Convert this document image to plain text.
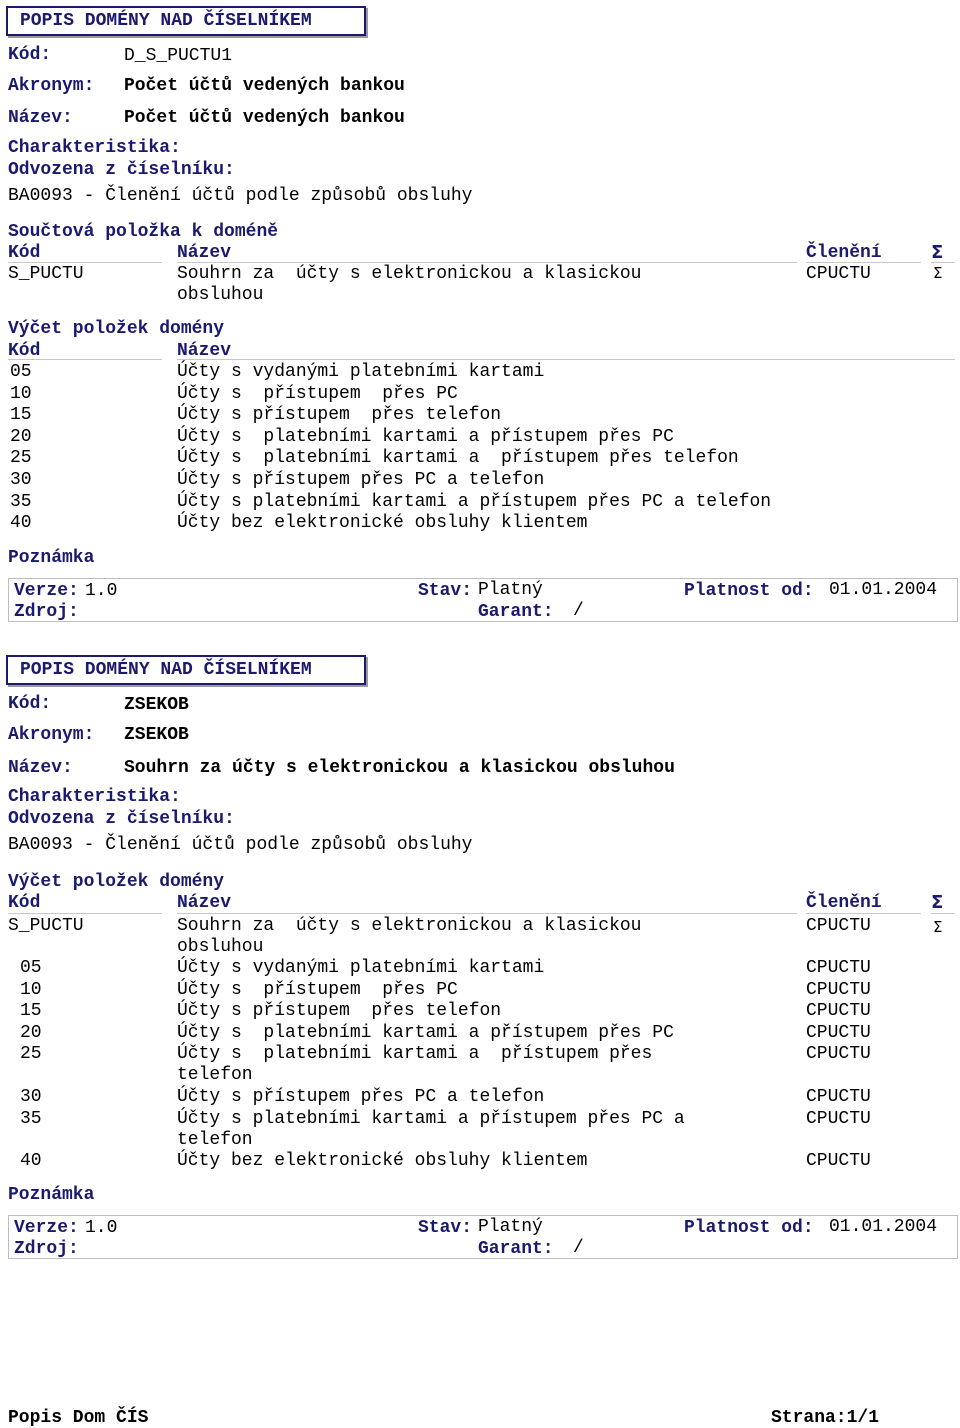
POPIS DOMÉNY NAD ČÍSELNÍKEM
Kód:	D_S_PUCTU1
Akronym: Počet účtů vedených bankou
Název:	Počet účtů vedených bankou
Charakteristika:
Odvozena z číselníku:
BA0093 - Členění účtů podle způsobů obsluhy
Součtová položka k doméně
Kód	Název	Členění	Σ
S_PUCTU	Souhrn za  účty s elektronickou a klasickou
obsluhou
CPUCTU	Σ
Výčet položek domény
Kód	Název
05	Účty s vydanými platebními kartami
10	Účty s  přístupem  přes PC
15	Účty s přístupem  přes telefon
20	Účty s  platebními kartami a přístupem přes PC
25	Účty s  platebními kartami a  přístupem přes telefon
30	Účty s přístupem přes PC a telefon
35	Účty s platebními kartami a přístupem přes PC a telefon
40	Účty bez elektronické obsluhy klientem
Poznámka
Verze: 1.0	Stav: Platný	Platnost od: 01.01.2004
Zdroj:	Garant: /
POPIS DOMÉNY NAD ČÍSELNÍKEM
Kód:	ZSEKOB
Akronym: ZSEKOB
Název:	Souhrn za účty s elektronickou a klasickou obsluhou
Charakteristika:
Odvozena z číselníku:
BA0093 - Členění účtů podle způsobů obsluhy
Výčet položek domény
Kód	Název	Členění	Σ
S_PUCTU	Souhrn za  účty s elektronickou a klasickou
obsluhou
CPUCTU	Σ
05	Účty s vydanými platebními kartami	CPUCTU
10	Účty s  přístupem  přes PC	CPUCTU
15	Účty s přístupem  přes telefon	CPUCTU
20	Účty s  platebními kartami a přístupem přes PC	CPUCTU
25	Účty s  platebními kartami a  přístupem přes
telefon
CPUCTU
30	Účty s přístupem přes PC a telefon	CPUCTU
35	Účty s platebními kartami a přístupem přes PC a
telefon
CPUCTU
40	Účty bez elektronické obsluhy klientem	CPUCTU
Poznámka
Verze: 1.0	Stav: Platný	Platnost od: 01.01.2004
Zdroj:	Garant: /
Popis Dom ČÍS	Strana:1/1
